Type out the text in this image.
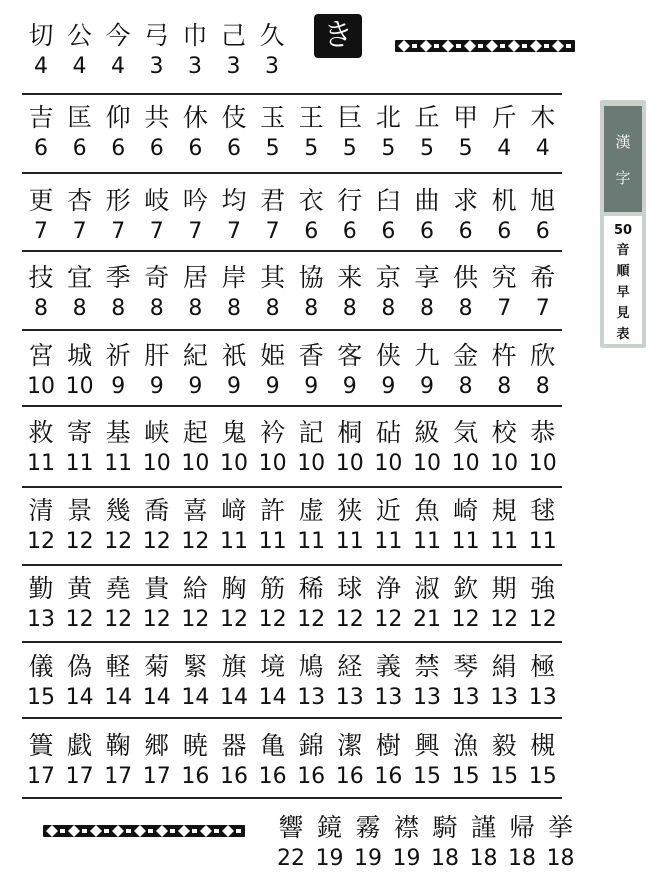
切
4
公
4
今
4
弓
3
巾
3
己
3
久
3
き
吉
6
匡
6
仰
6
共
6
休
6
伎
6
玉
5
王
5
巨
5
北
5
丘
5
甲
5
斤
4
木
4
更
7
杏
7
形
7
岐
7
吟
7
均
7
君
7
衣
6
行
6
臼
6
曲
6
求
6
机
6
旭
6
技
8
宜
8
季
8
奇
8
居
8
岸
8
其
8
協
8
来
8
京
8
享
8
供
8
究
7
希
7
宮
10
城
10
祈
9
肝
9
紀
9
祇
9
姫
9
香
9
客
9
侠
9
九
9
金
8
杵
8
欣
8
救
11
寄
11
基
11
峡
10
起
10
鬼
10
衿
10
記
10
桐
10
砧
10
級
10
気
10
校
10
恭
10
清
12
景
12
幾
12
喬
12
喜
12
﨑
11
許
11
虚
11
狭
11
近
11
魚
11
崎
11
規
11
毬
11
勤
13
黄
12
堯
12
貴
12
給
12
胸
12
筋
12
稀
12
球
12
浄
12
淑
21
欽
12
期
12
強
12
儀
15
偽
14
軽
14
菊
14
緊
14
旗
14
境
14
鳩
13
経
13
義
13
禁
13
琴
13
絹
13
極
13
簣
17
戯
17
鞠
17
郷
17
暁
16
器
16
亀
16
錦
16
潔
16
樹
16
興
15
漁
15
毅
15
槻
15
響
22
鏡
19
霧
19
襟
19
騎
18
謹
18
帰
18
挙
18
漢
字
50
音
順
早
見
表
